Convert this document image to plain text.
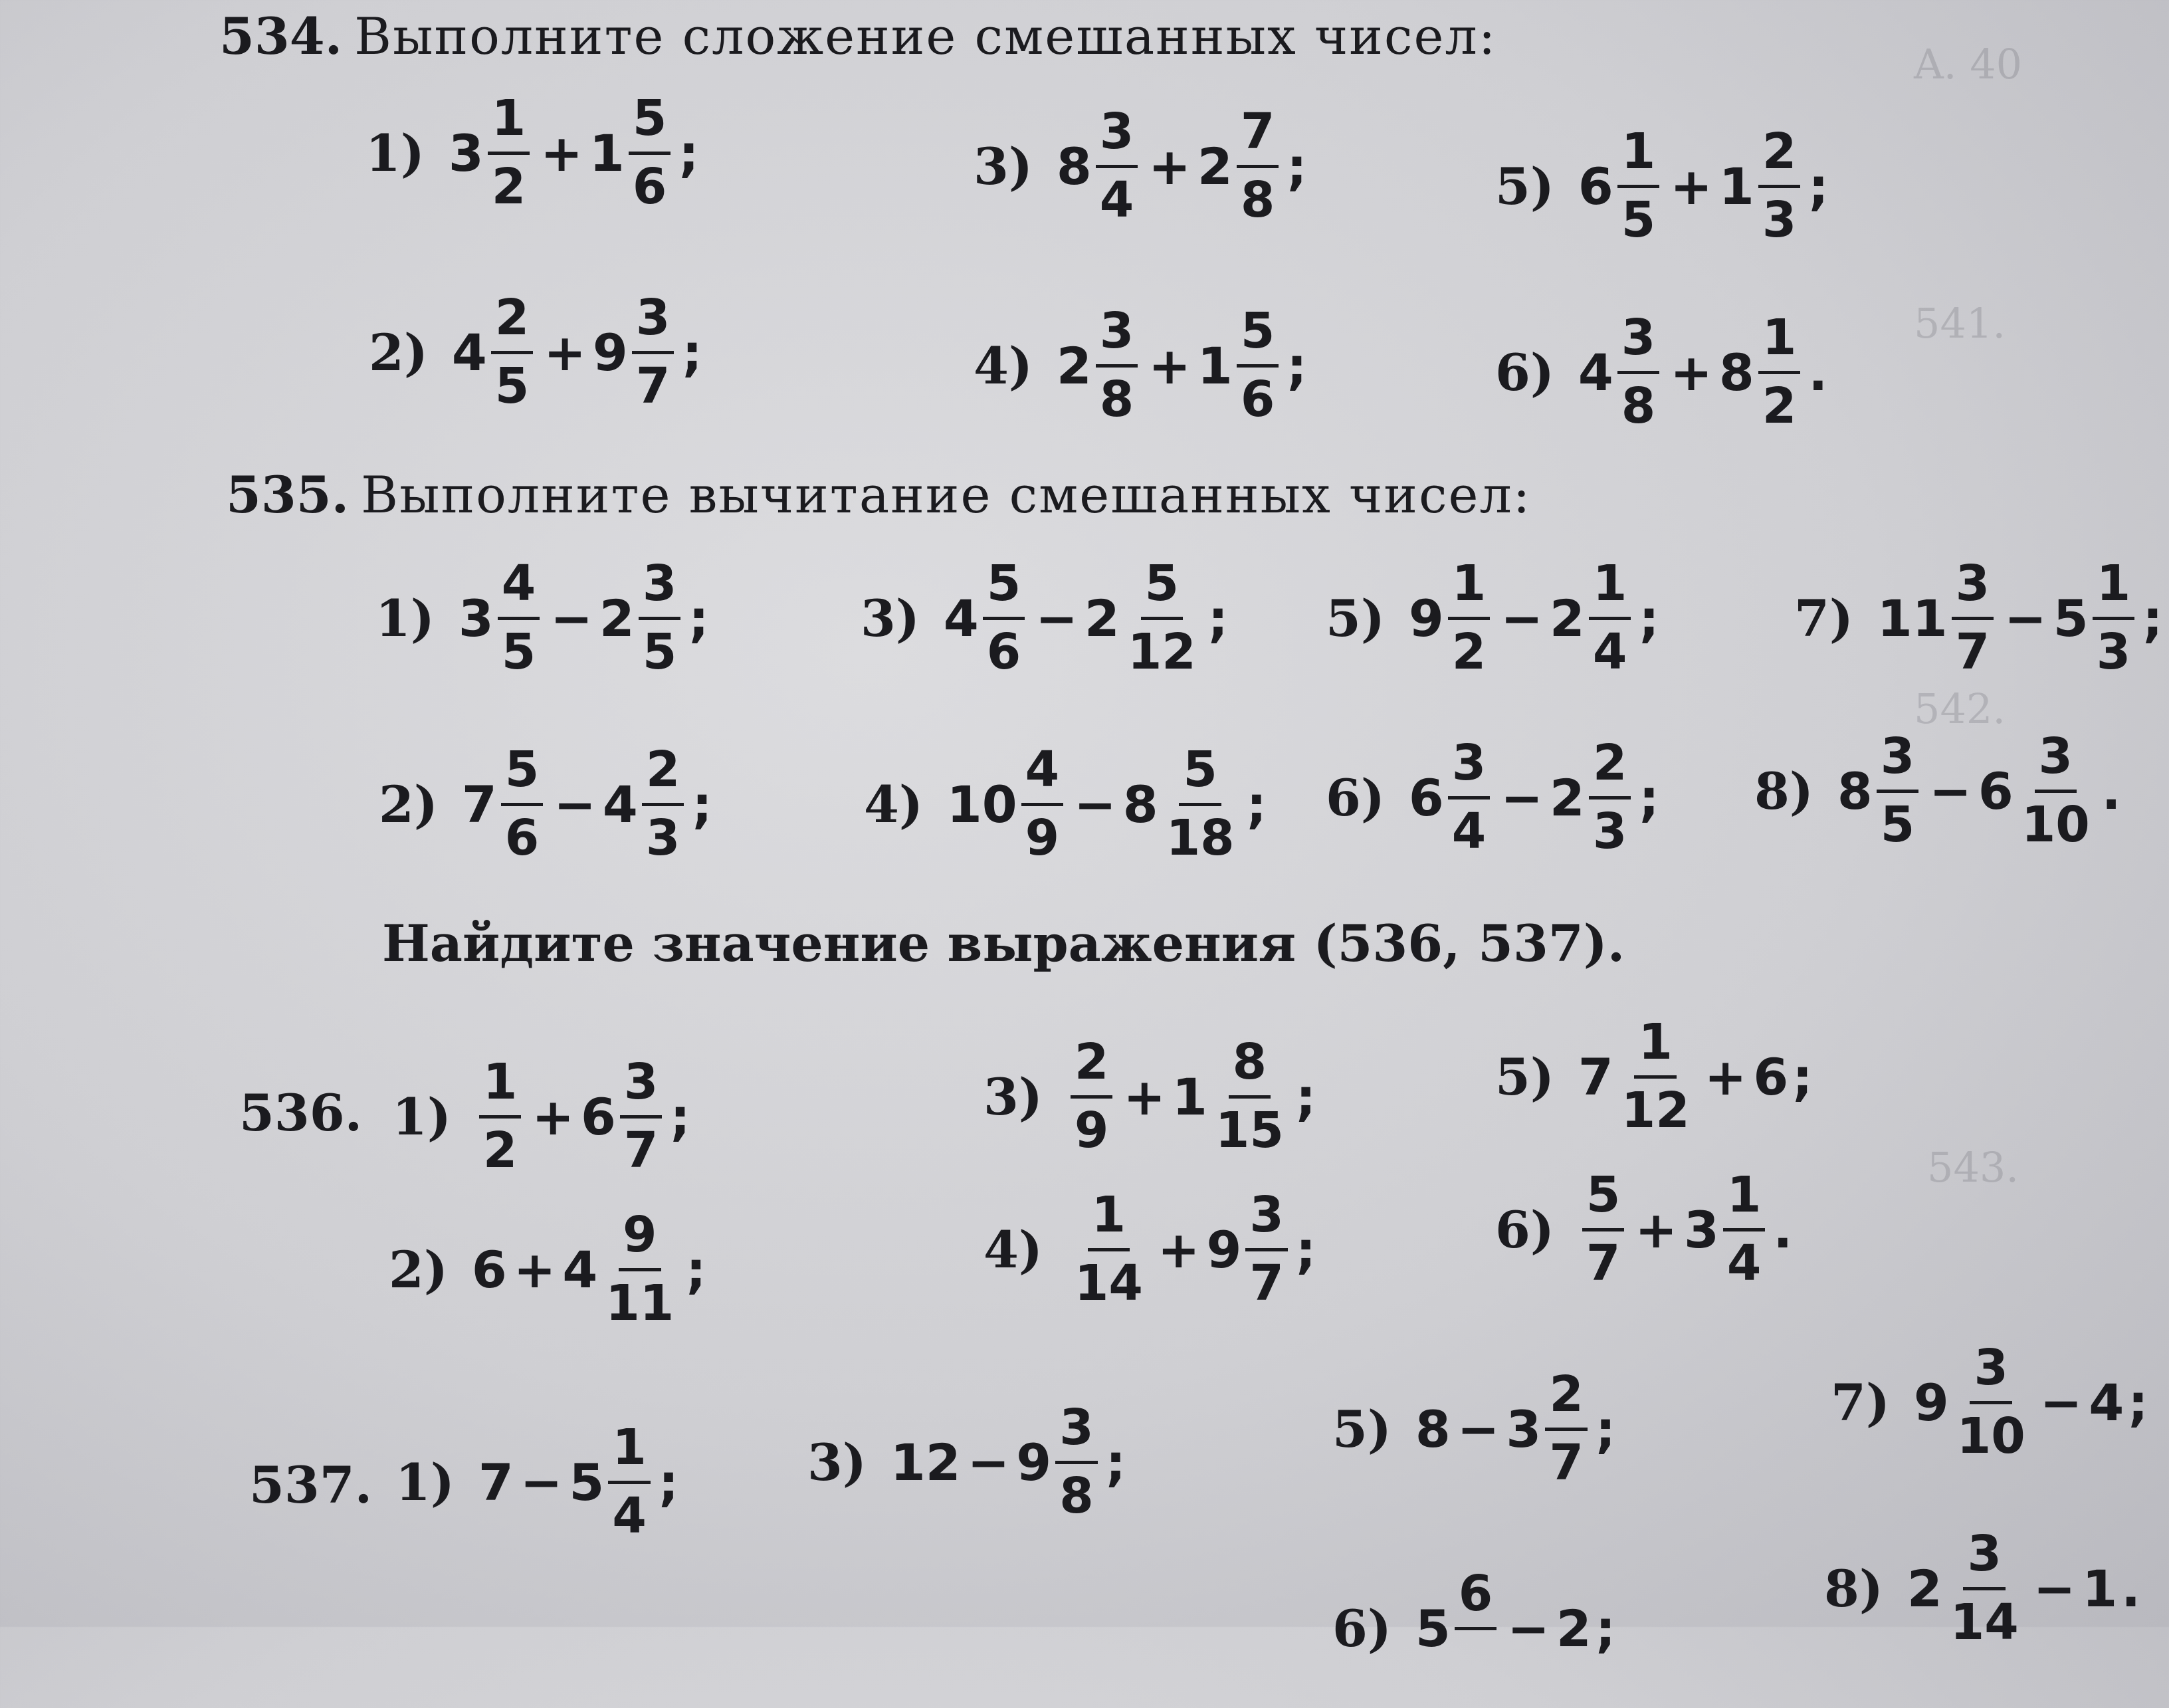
A. 40
541.
542.
543.
534. Выполните сложение смешанных чисел:
1) $3 \frac{1}{2} + 1 \frac{5}{6}$ ;
2) $4 \frac{2}{5} + 9 \frac{3}{7}$ ;
3) $8 \frac{3}{4} + 2 \frac{7}{8}$ ;
4) $2 \frac{3}{8} + 1 \frac{5}{6}$ ;
5) $6 \frac{1}{5} + 1 \frac{2}{3}$ ;
6) $4 \frac{3}{8} + 8 \frac{1}{2}$ .
535. Выполните вычитание смешанных чисел:
1) $3 \frac{4}{5} - 2 \frac{3}{5}$ ;
2) $7 \frac{5}{6} - 4 \frac{2}{3}$ ;
3) $4 \frac{5}{6} - 2 \frac{5}{12}$ ;
4) $10 \frac{4}{9} - 8 \frac{5}{18}$ ;
5) $9 \frac{1}{2} - 2 \frac{1}{4}$ ;
6) $6 \frac{3}{4} - 2 \frac{2}{3}$ ;
7) $11 \frac{3}{7} - 5 \frac{1}{3}$ ;
8) $8 \frac{3}{5} - 6 \frac{3}{10}$ .
Найдите значение выражения (536, 537).
536. $1) \frac{1}{2} + 6 \frac{3}{7}$ ;
2) $6 + 4 \frac{9}{11}$ ;
$3) \frac{2}{9} + 1 \frac{8}{15}$ ;
$4) \frac{1}{14} + 9 \frac{3}{7}$ ;
5) $7 \frac{1}{12} + 6$ ;
$6) \frac{5}{7} + 3 \frac{1}{4}$ .
537. 1) $7 - 5 \frac{1}{4}$ ;	3) $12 - 9 \frac{3}{8}$ ;
5) $8 - 3 \frac{2}{7}$ ;
6) 5
6

− 2 ;
7) $9 \frac{3}{10} - 4$ ;
8) $2 \frac{3}{14} - 1$ .
